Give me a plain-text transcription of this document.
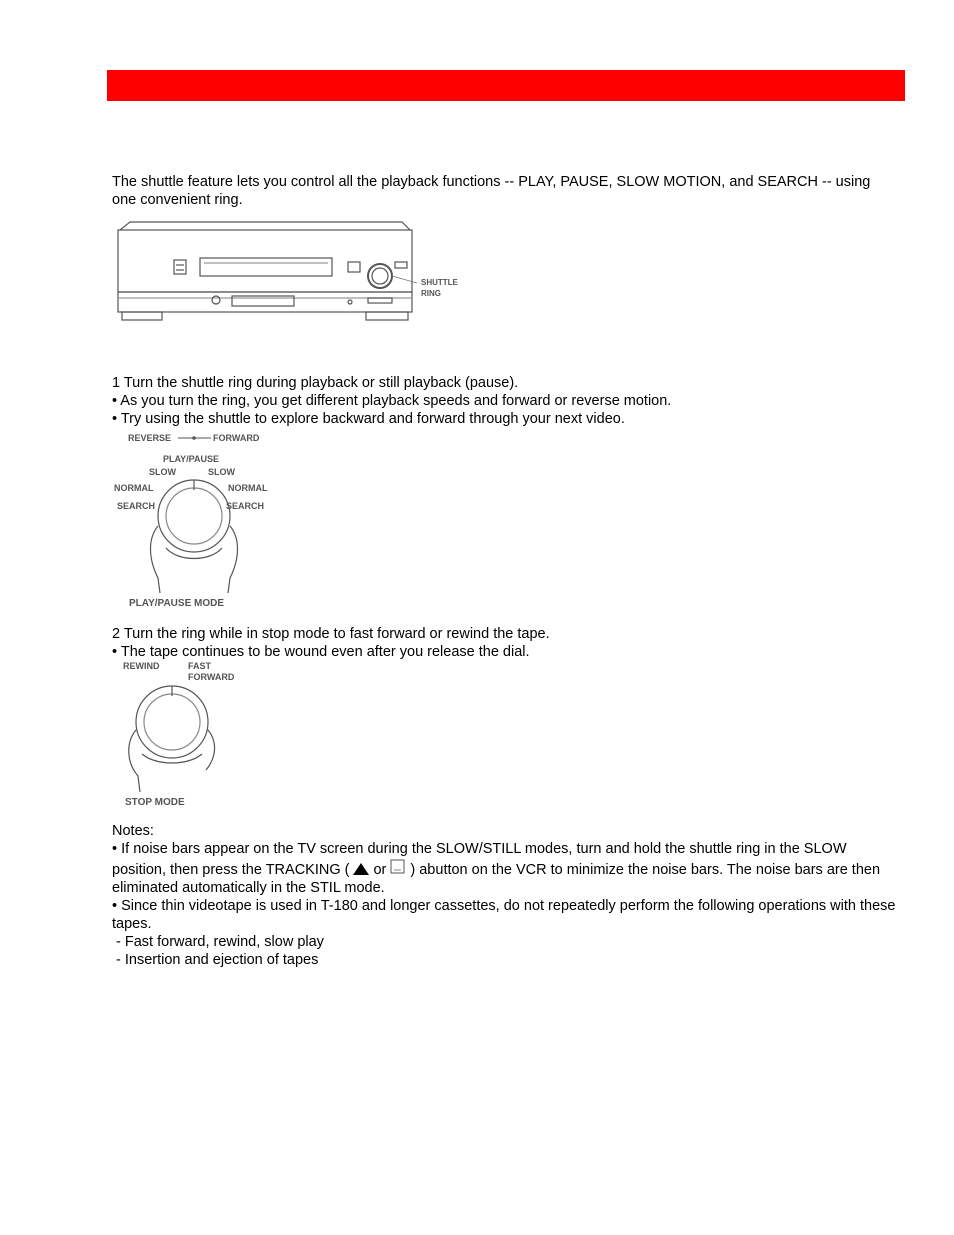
The shuttle feature lets you control all the playback functions -- PLAY, PAUSE, SLOW MOTION, and SEARCH -- using one convenient ring.

SHUTTLE
RING
1 Turn the shuttle ring during playback or still playback (pause).
• As you turn the ring, you get different playback speeds and forward or reverse motion.
• Try using the shuttle to explore backward and forward through your next video.
REVERSE	FORWARD
PLAY/PAUSE
SLOW	SLOW
NORMAL	NORMAL
SEARCH	SEARCH
PLAY/PAUSE MODE
2 Turn the ring while in stop mode to fast forward or rewind the tape.
• The tape continues to be wound even after you release the dial.
REWIND	FAST
FORWARD
STOP MODE
Notes:
• If noise bars appear on the TV screen during the SLOW/STILL modes, turn and hold the shuttle ring in the SLOW position, then press the TRACKING ( or ) abutton on the VCR to minimize the noise bars. The noise bars are then eliminated automatically in the STIL mode.
• Since thin videotape is used in T-180 and longer cassettes, do not repeatedly perform the following operations with these tapes.
- Fast forward, rewind, slow play
- Insertion and ejection of tapes
